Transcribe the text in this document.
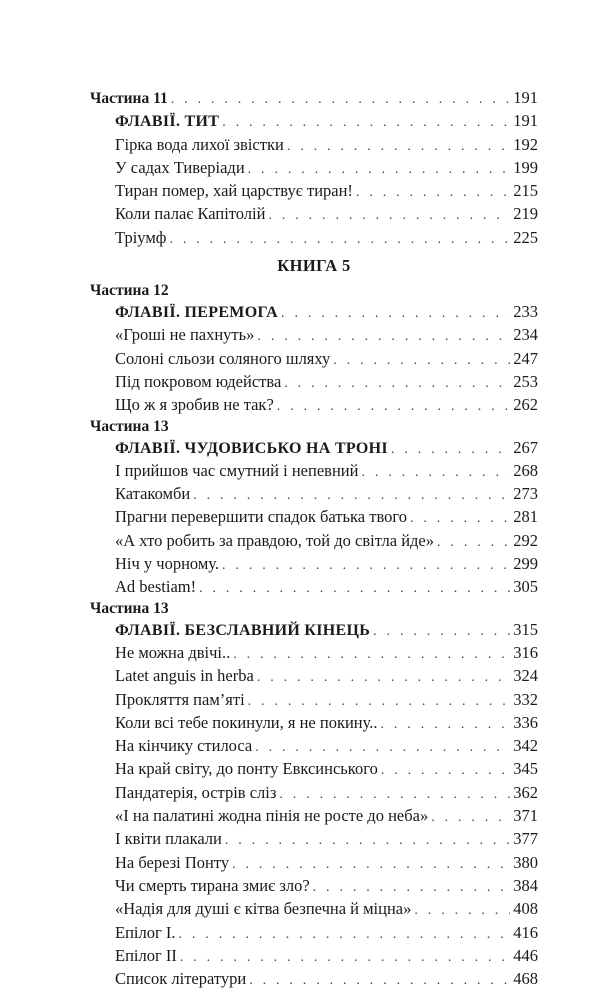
Частина 11 . . .	191
ФЛАВІЇ. ТИТ . . .	191
Гірка вода лихої звістки . . .	192
У садах Тиверіади . . .	199
Тиран помер, хай царствує тиран! . . .	215
Коли палає Капітолій . . .	219
Тріумф . . .	225
КНИГА 5
Частина 12
ФЛАВІЇ. ПЕРЕМОГА . . .	233
«Гроші не пахнуть» . . .	234
Солоні сльози соляного шляху . . .	247
Під покровом юдейства . . .	253
Що ж я зробив не так? . . .	262
Частина 13
ФЛАВІЇ. ЧУДОВИСЬКО НА ТРОНІ . . .	267
І прийшов час смутний і непевний . . .	268
Катакомби . . .	273
Прагни перевершити спадок батька твого . . .	281
«А хто робить за правдою, той до світла йде» . . .	292
Ніч у чорному. . . .	299
Ad bestiam! . . .	305
Частина 13
ФЛАВІЇ. БЕЗСЛАВНИЙ КІНЕЦЬ . . .	315
Не можна двічі.. . . .	316
Latet anguis in herba . . .	324
Прокляття пам’яті . . .	332
Коли всі тебе покинули, я не покину.. . . .	336
На кінчику стилоса . . .	342
На край світу, до понту Евксинського . . .	345
Пандатерія, острів сліз . . .	362
«І на палатині жодна пінія не росте до неба» . . .	371
І квіти плакали . . .	377
На березі Понту . . .	380
Чи смерть тирана змиє зло? . . .	384
«Надія для душі є кітва безпечна й міцна» . . .	408
Епілог І. . . .	416
Епілог ІІ . . .	446
Список літератури . . .	468
